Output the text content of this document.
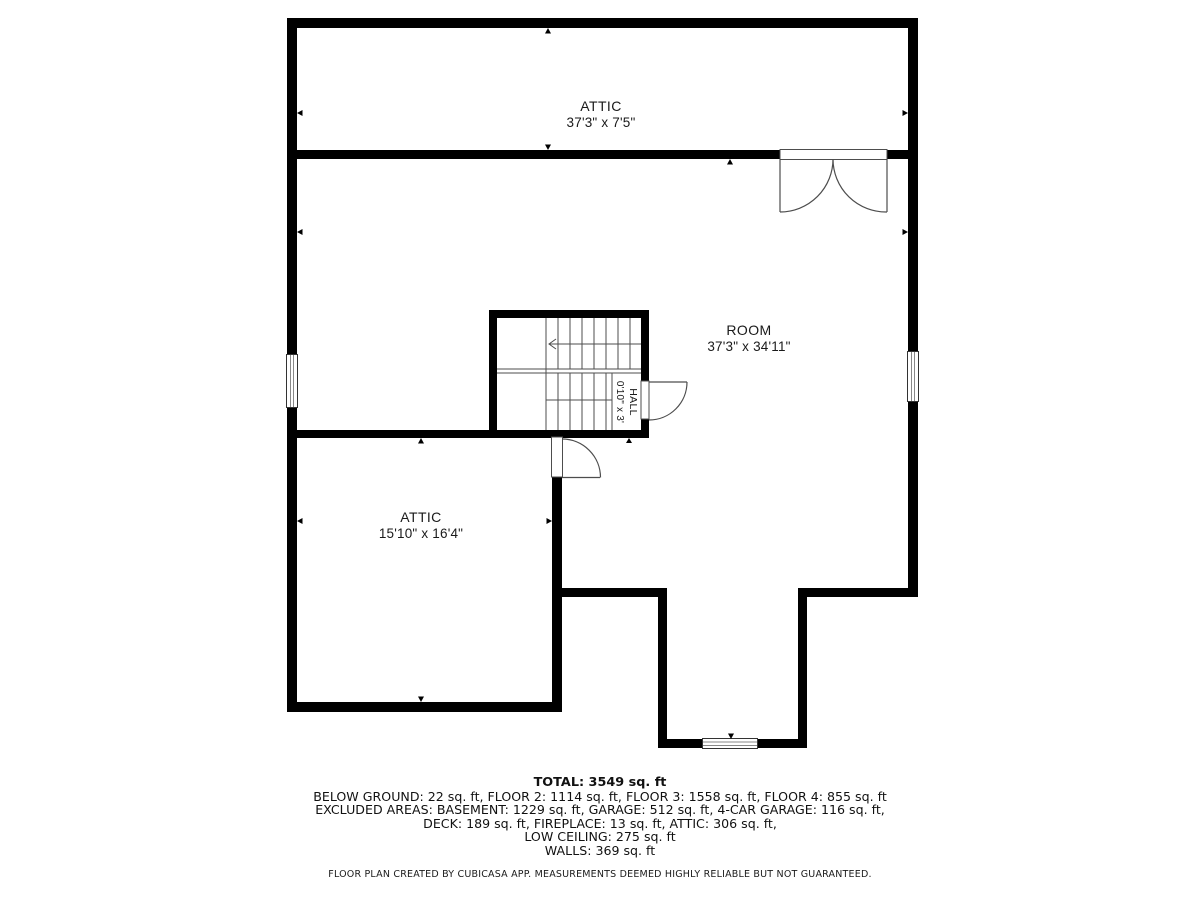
ATTIC
37'3" x 7'5"
ROOM
37'3" x 34'11"
ATTIC
15'10" x 16'4"
HALL
0'10" x 3'
TOTAL: 3549 sq. ft
BELOW GROUND: 22 sq. ft, FLOOR 2: 1114 sq. ft, FLOOR 3: 1558 sq. ft, FLOOR 4: 855 sq. ft
EXCLUDED AREAS: BASEMENT: 1229 sq. ft, GARAGE: 512 sq. ft, 4-CAR GARAGE: 116 sq. ft,
DECK: 189 sq. ft, FIREPLACE: 13 sq. ft, ATTIC: 306 sq. ft,
LOW CEILING: 275 sq. ft
WALLS: 369 sq. ft
FLOOR PLAN CREATED BY CUBICASA APP. MEASUREMENTS DEEMED HIGHLY RELIABLE BUT NOT GUARANTEED.
